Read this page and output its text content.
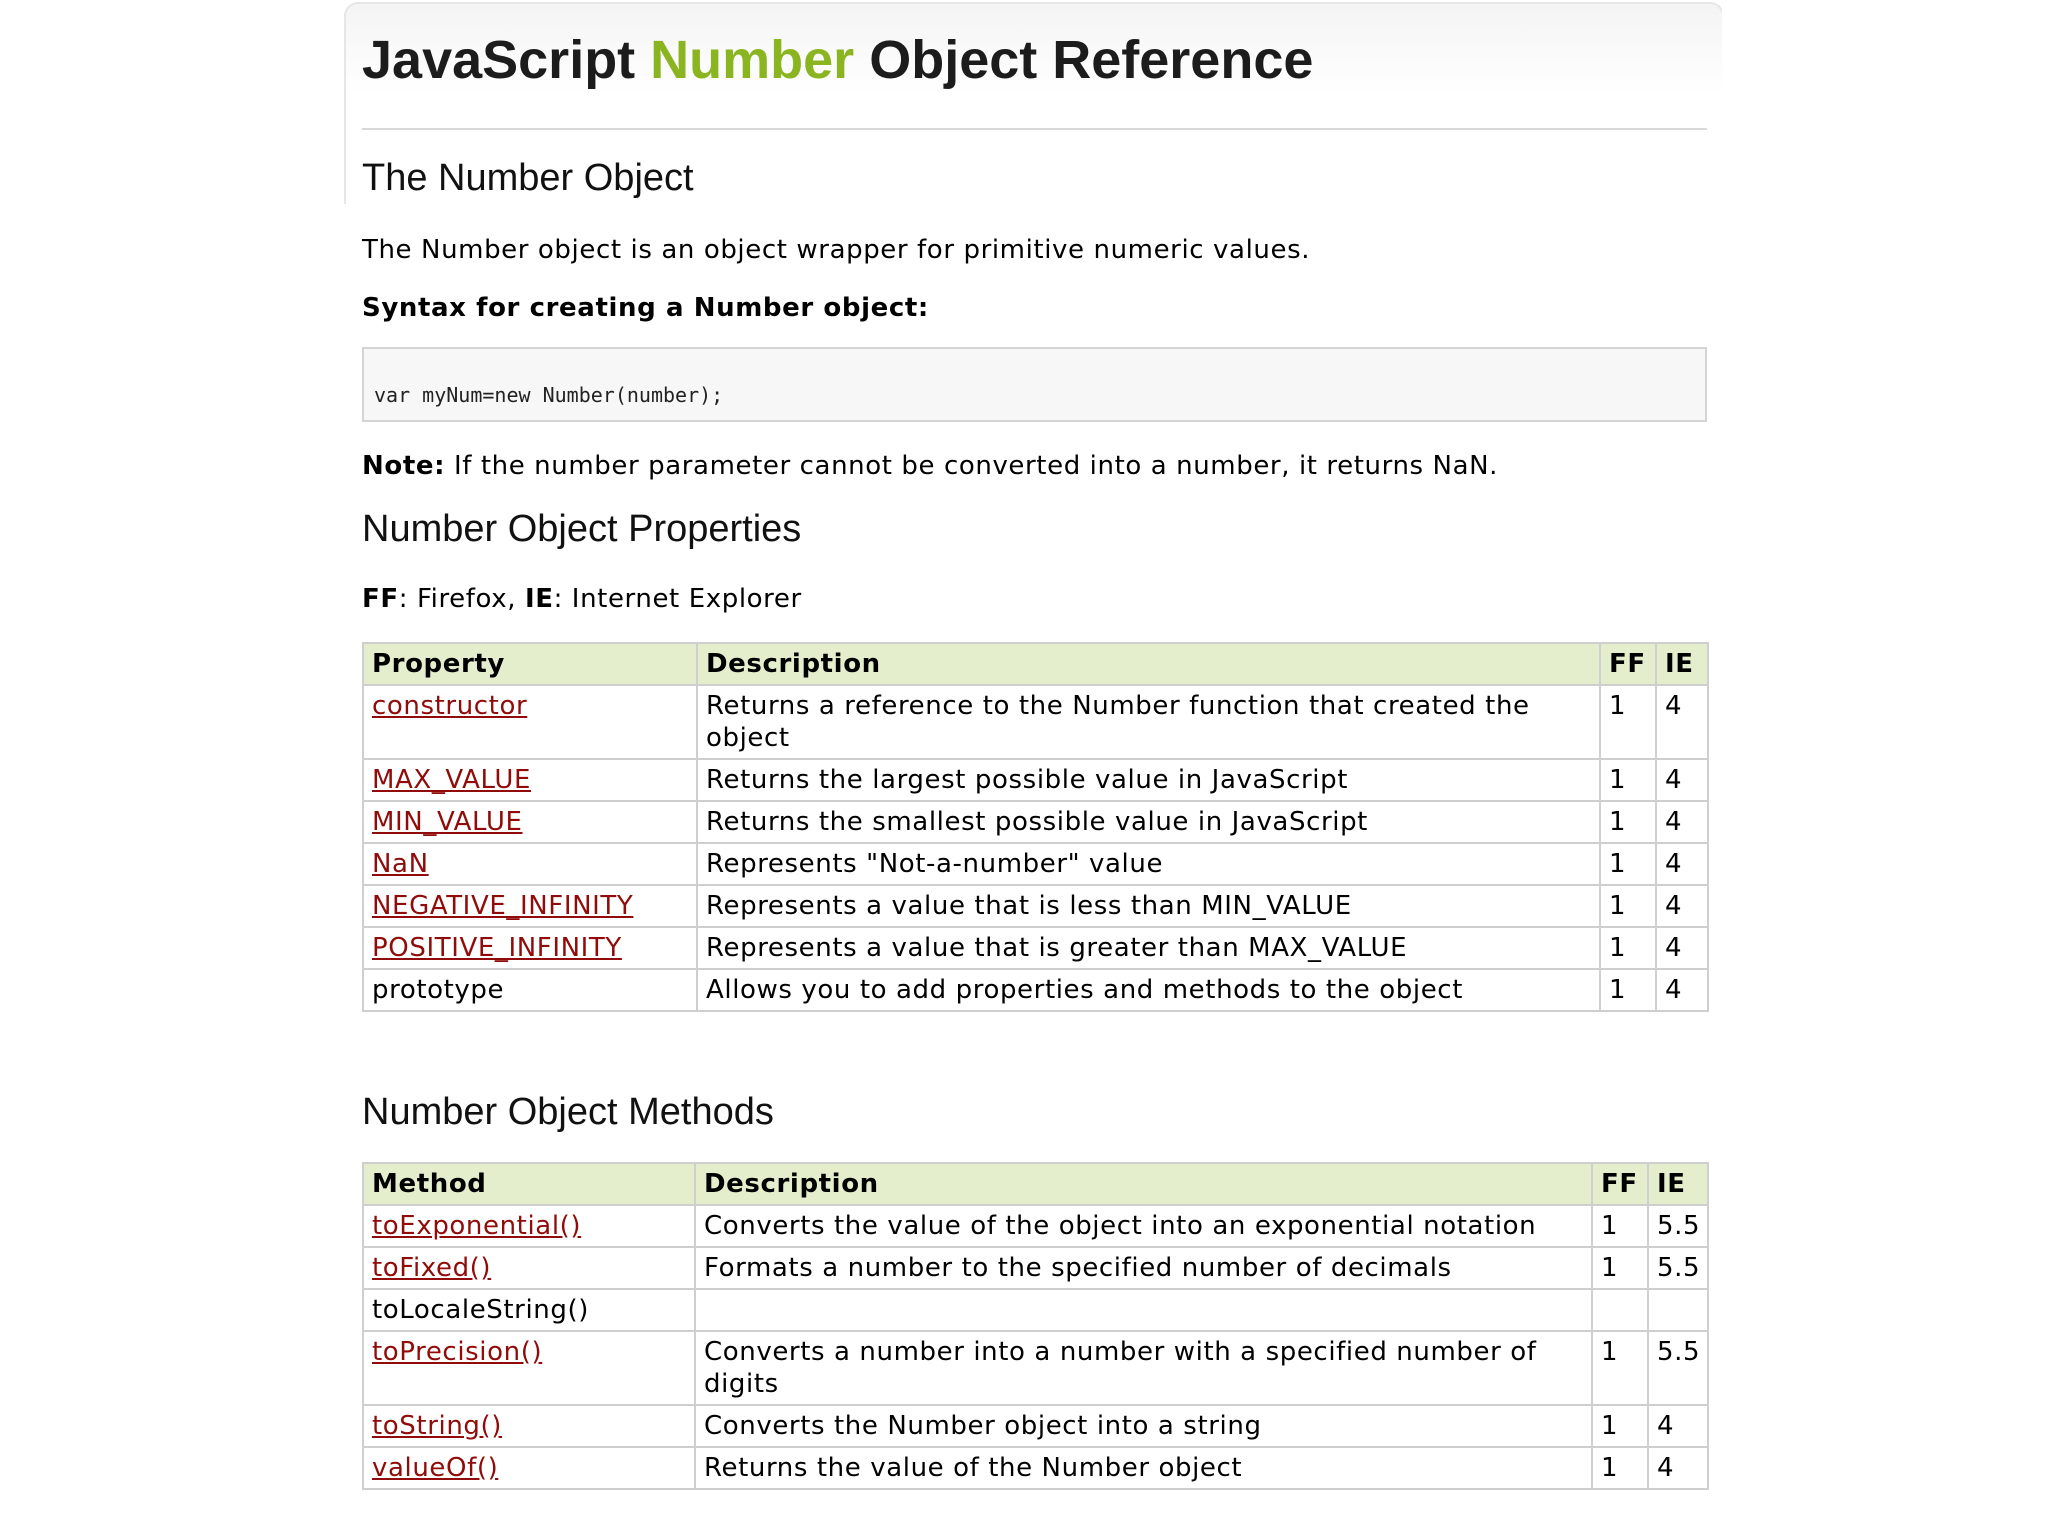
JavaScript Number Object Reference
The Number Object

The Number object is an object wrapper for primitive numeric values.

Syntax for creating a Number object:

var myNum=new Number(number);

Note: If the number parameter cannot be converted into a number, it returns NaN.

Number Object Properties

FF: Firefox, IE: Internet Explorer

Property	Description	FF	IE
constructor	Returns a reference to the Number function that created the object	1	4
MAX_VALUE	Returns the largest possible value in JavaScript	1	4
MIN_VALUE	Returns the smallest possible value in JavaScript	1	4
NaN	Represents "Not-a-number" value	1	4
NEGATIVE_INFINITY	Represents a value that is less than MIN_VALUE	1	4
POSITIVE_INFINITY	Represents a value that is greater than MAX_VALUE	1	4
prototype	Allows you to add properties and methods to the object	1	4
Number Object Methods
Method	Description	FF	IE
toExponential()	Converts the value of the object into an exponential notation	1	5.5
toFixed()	Formats a number to the specified number of decimals	1	5.5
toLocaleString()			
toPrecision()	Converts a number into a number with a specified number of digits	1	5.5
toString()	Converts the Number object into a string	1	4
valueOf()	Returns the value of the Number object	1	4
